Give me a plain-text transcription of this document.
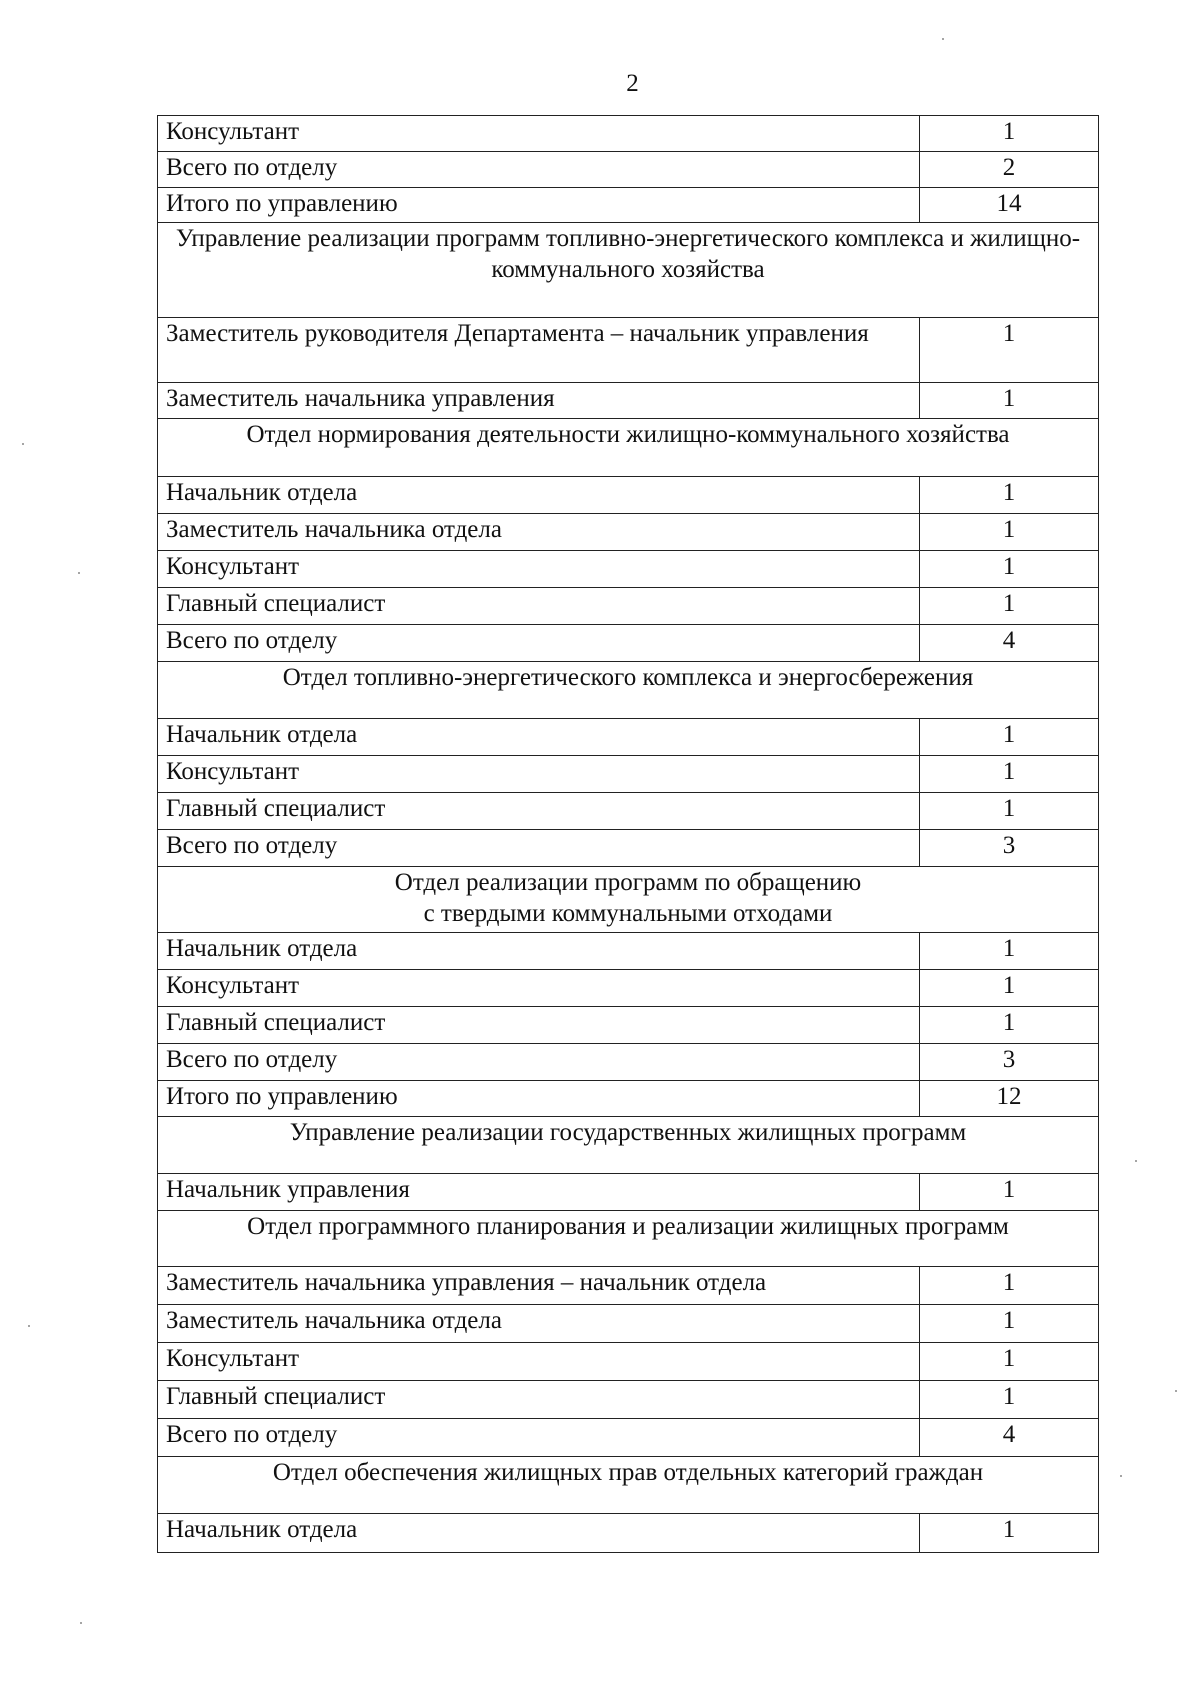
2
Консультант	1
Всего по отделу	2
Итого по управлению	14
Управление реализации программ топливно-энергетического комплекса и жилищно-коммунального хозяйства	
Заместитель руководителя Департамента – начальник управления	1
Заместитель начальника управления	1
Отдел нормирования деятельности жилищно-коммунального хозяйства	
Начальник отдела	1
Заместитель начальника отдела	1
Консультант	1
Главный специалист	1
Всего по отделу	4
Отдел топливно-энергетического комплекса и энергосбережения	
Начальник отдела	1
Консультант	1
Главный специалист	1
Всего по отделу	3
Отдел реализации программ по обращению с твердыми коммунальными отходами	
Начальник отдела	1
Консультант	1
Главный специалист	1
Всего по отделу	3
Итого по управлению	12
Управление реализации государственных жилищных программ	
Начальник управления	1
Отдел программного планирования и реализации жилищных программ	
Заместитель начальника управления – начальник отдела	1
Заместитель начальника отдела	1
Консультант	1
Главный специалист	1
Всего по отделу	4
Отдел обеспечения жилищных прав отдельных категорий граждан	
Начальник отдела	1
